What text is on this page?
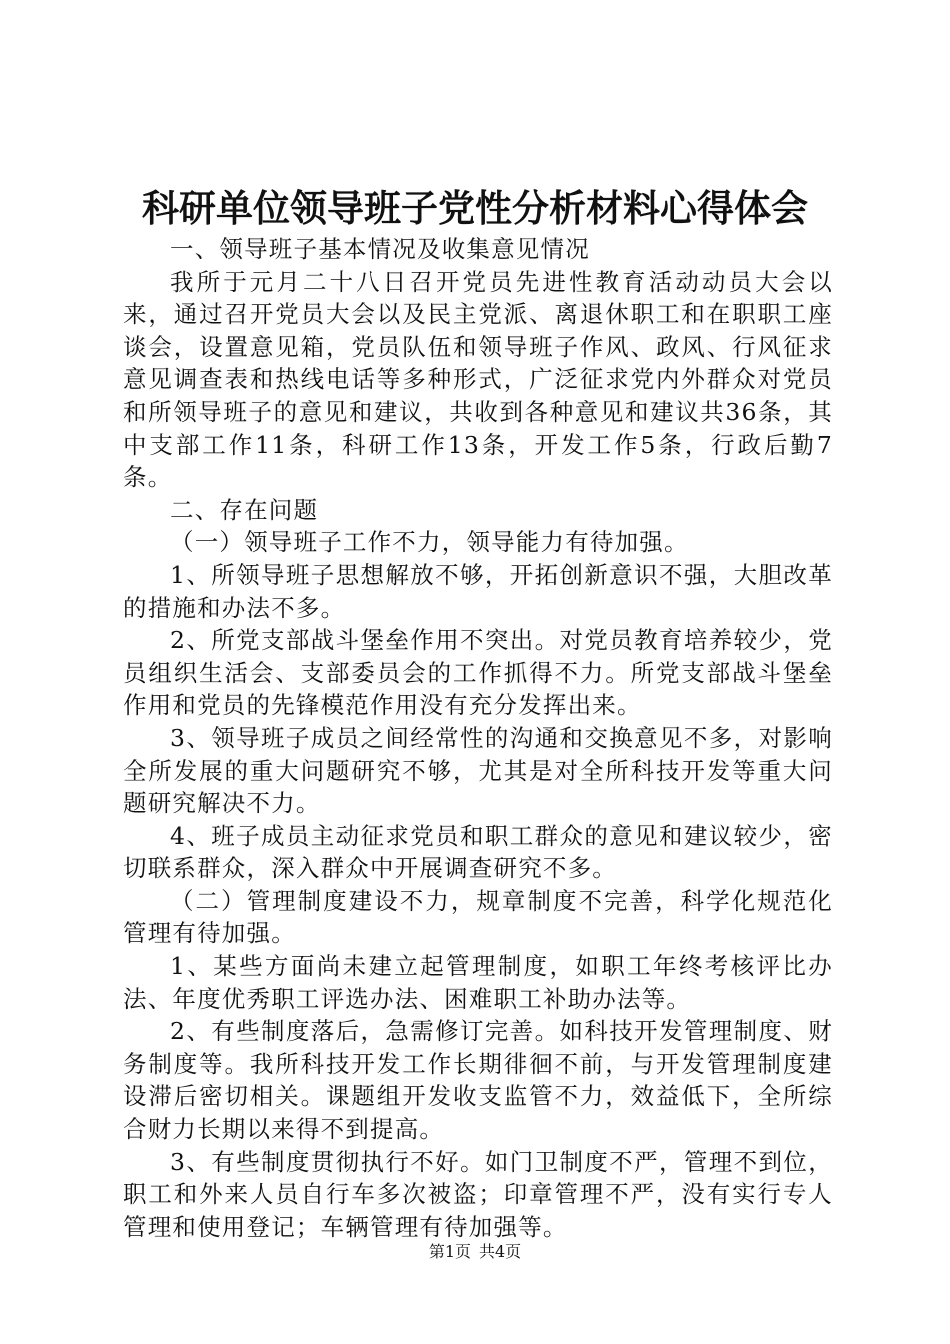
科研单位领导班子党性分析材料心得体会

一、领导班子基本情况及收集意见情况

我所于元月二十八日召开党员先进性教育活动动员大会以来，通过召开党员大会以及民主党派、离退休职工和在职职工座谈会，设置意见箱，党员队伍和领导班子作风、政风、行风征求意见调查表和热线电话等多种形式，广泛征求党内外群众对党员和所领导班子的意见和建议，共收到各种意见和建议共36条，其中支部工作11条，科研工作13条，开发工作5条，行政后勤7条。

二、存在问题

（一）领导班子工作不力，领导能力有待加强。

1、所领导班子思想解放不够，开拓创新意识不强，大胆改革的措施和办法不多。

2、所党支部战斗堡垒作用不突出。对党员教育培养较少，党员组织生活会、支部委员会的工作抓得不力。所党支部战斗堡垒作用和党员的先锋模范作用没有充分发挥出来。

3、领导班子成员之间经常性的沟通和交换意见不多，对影响全所发展的重大问题研究不够，尤其是对全所科技开发等重大问题研究解决不力。

4、班子成员主动征求党员和职工群众的意见和建议较少，密切联系群众，深入群众中开展调查研究不多。

（二）管理制度建设不力，规章制度不完善，科学化规范化管理有待加强。

1、某些方面尚未建立起管理制度，如职工年终考核评比办法、年度优秀职工评选办法、困难职工补助办法等。

2、有些制度落后，急需修订完善。如科技开发管理制度、财务制度等。我所科技开发工作长期徘徊不前，与开发管理制度建设滞后密切相关。课题组开发收支监管不力，效益低下，全所综合财力长期以来得不到提高。

3、有些制度贯彻执行不好。如门卫制度不严，管理不到位，职工和外来人员自行车多次被盗；印章管理不严，没有实行专人管理和使用登记；车辆管理有待加强等。

第1页 共4页
